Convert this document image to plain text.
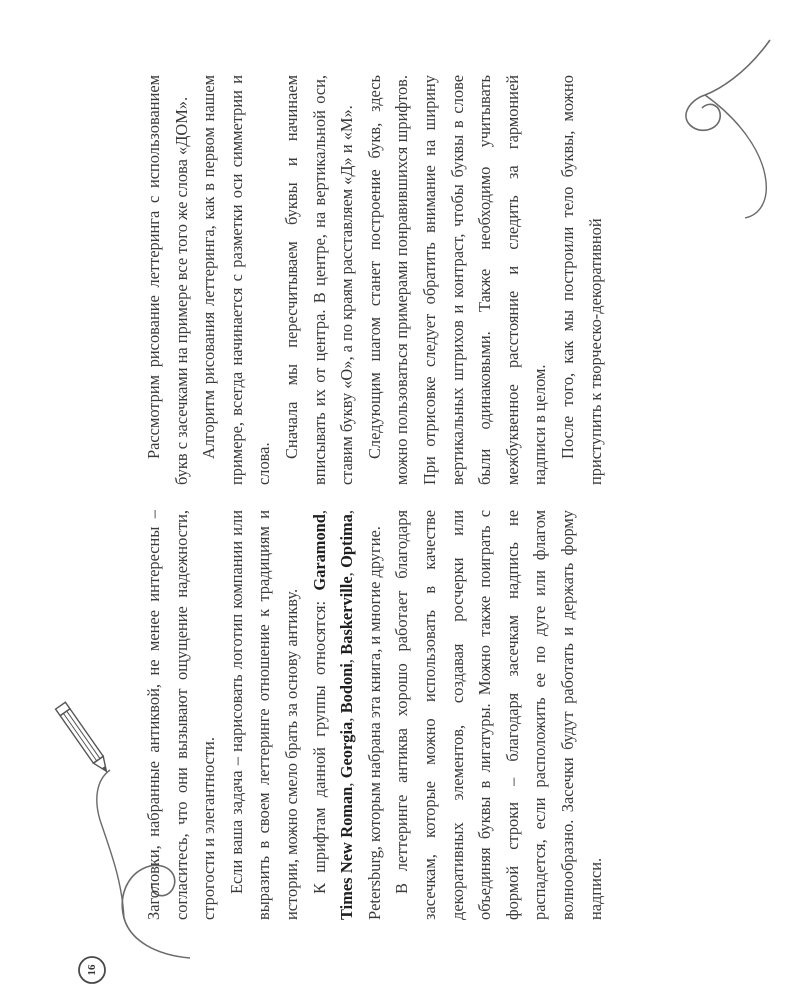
16

Заголовки, набранные антиквой, не менее интересны – согласитесь, что они вызывают ощущение надежности, строгости и элегантности. Если ваша задача – нарисовать логотип компании или выразить в своем леттеринге отношение к традициям и истории, можно смело брать за основу антикву. К шрифтам данной группы относятся: Garamond, Times New Roman, Georgia, Bodoni, Baskerville, Optima, Petersburg, которым набрана эта книга, и многие другие. В леттеринге антиква хорошо работает благодаря засечкам, которые можно использовать в качестве декоративных элементов, создавая росчерки или объединяя буквы в лигатуры. Можно также поиграть с формой строки – благодаря засечкам надпись не распадется, если расположить ее по дуге или флагом волнообразно. Засечки будут работать и держать форму надписи.

Рассмотрим рисование леттеринга с использованием букв с засечками на примере все того же слова «ДОМ». Алгоритм рисования леттеринга, как в первом нашем примере, всегда начинается с разметки оси симметрии и слова.

Сначала мы пересчитываем буквы и начинаем вписывать их от центра. В центре, на вертикальной оси, ставим букву «О», а по краям расставляем «Д» и «М». Следующим шагом станет построение букв, здесь можно пользоваться примерами понравившихся шрифтов. При отрисовке следует обратить внимание на ширину вертикальных штрихов и контраст, чтобы буквы в слове были одинаковыми. Также необходимо учитывать межбуквенное расстояние и следить за гармонией надписи в целом. После того, как мы построили тело буквы, можно приступить к творческо-декоративной
